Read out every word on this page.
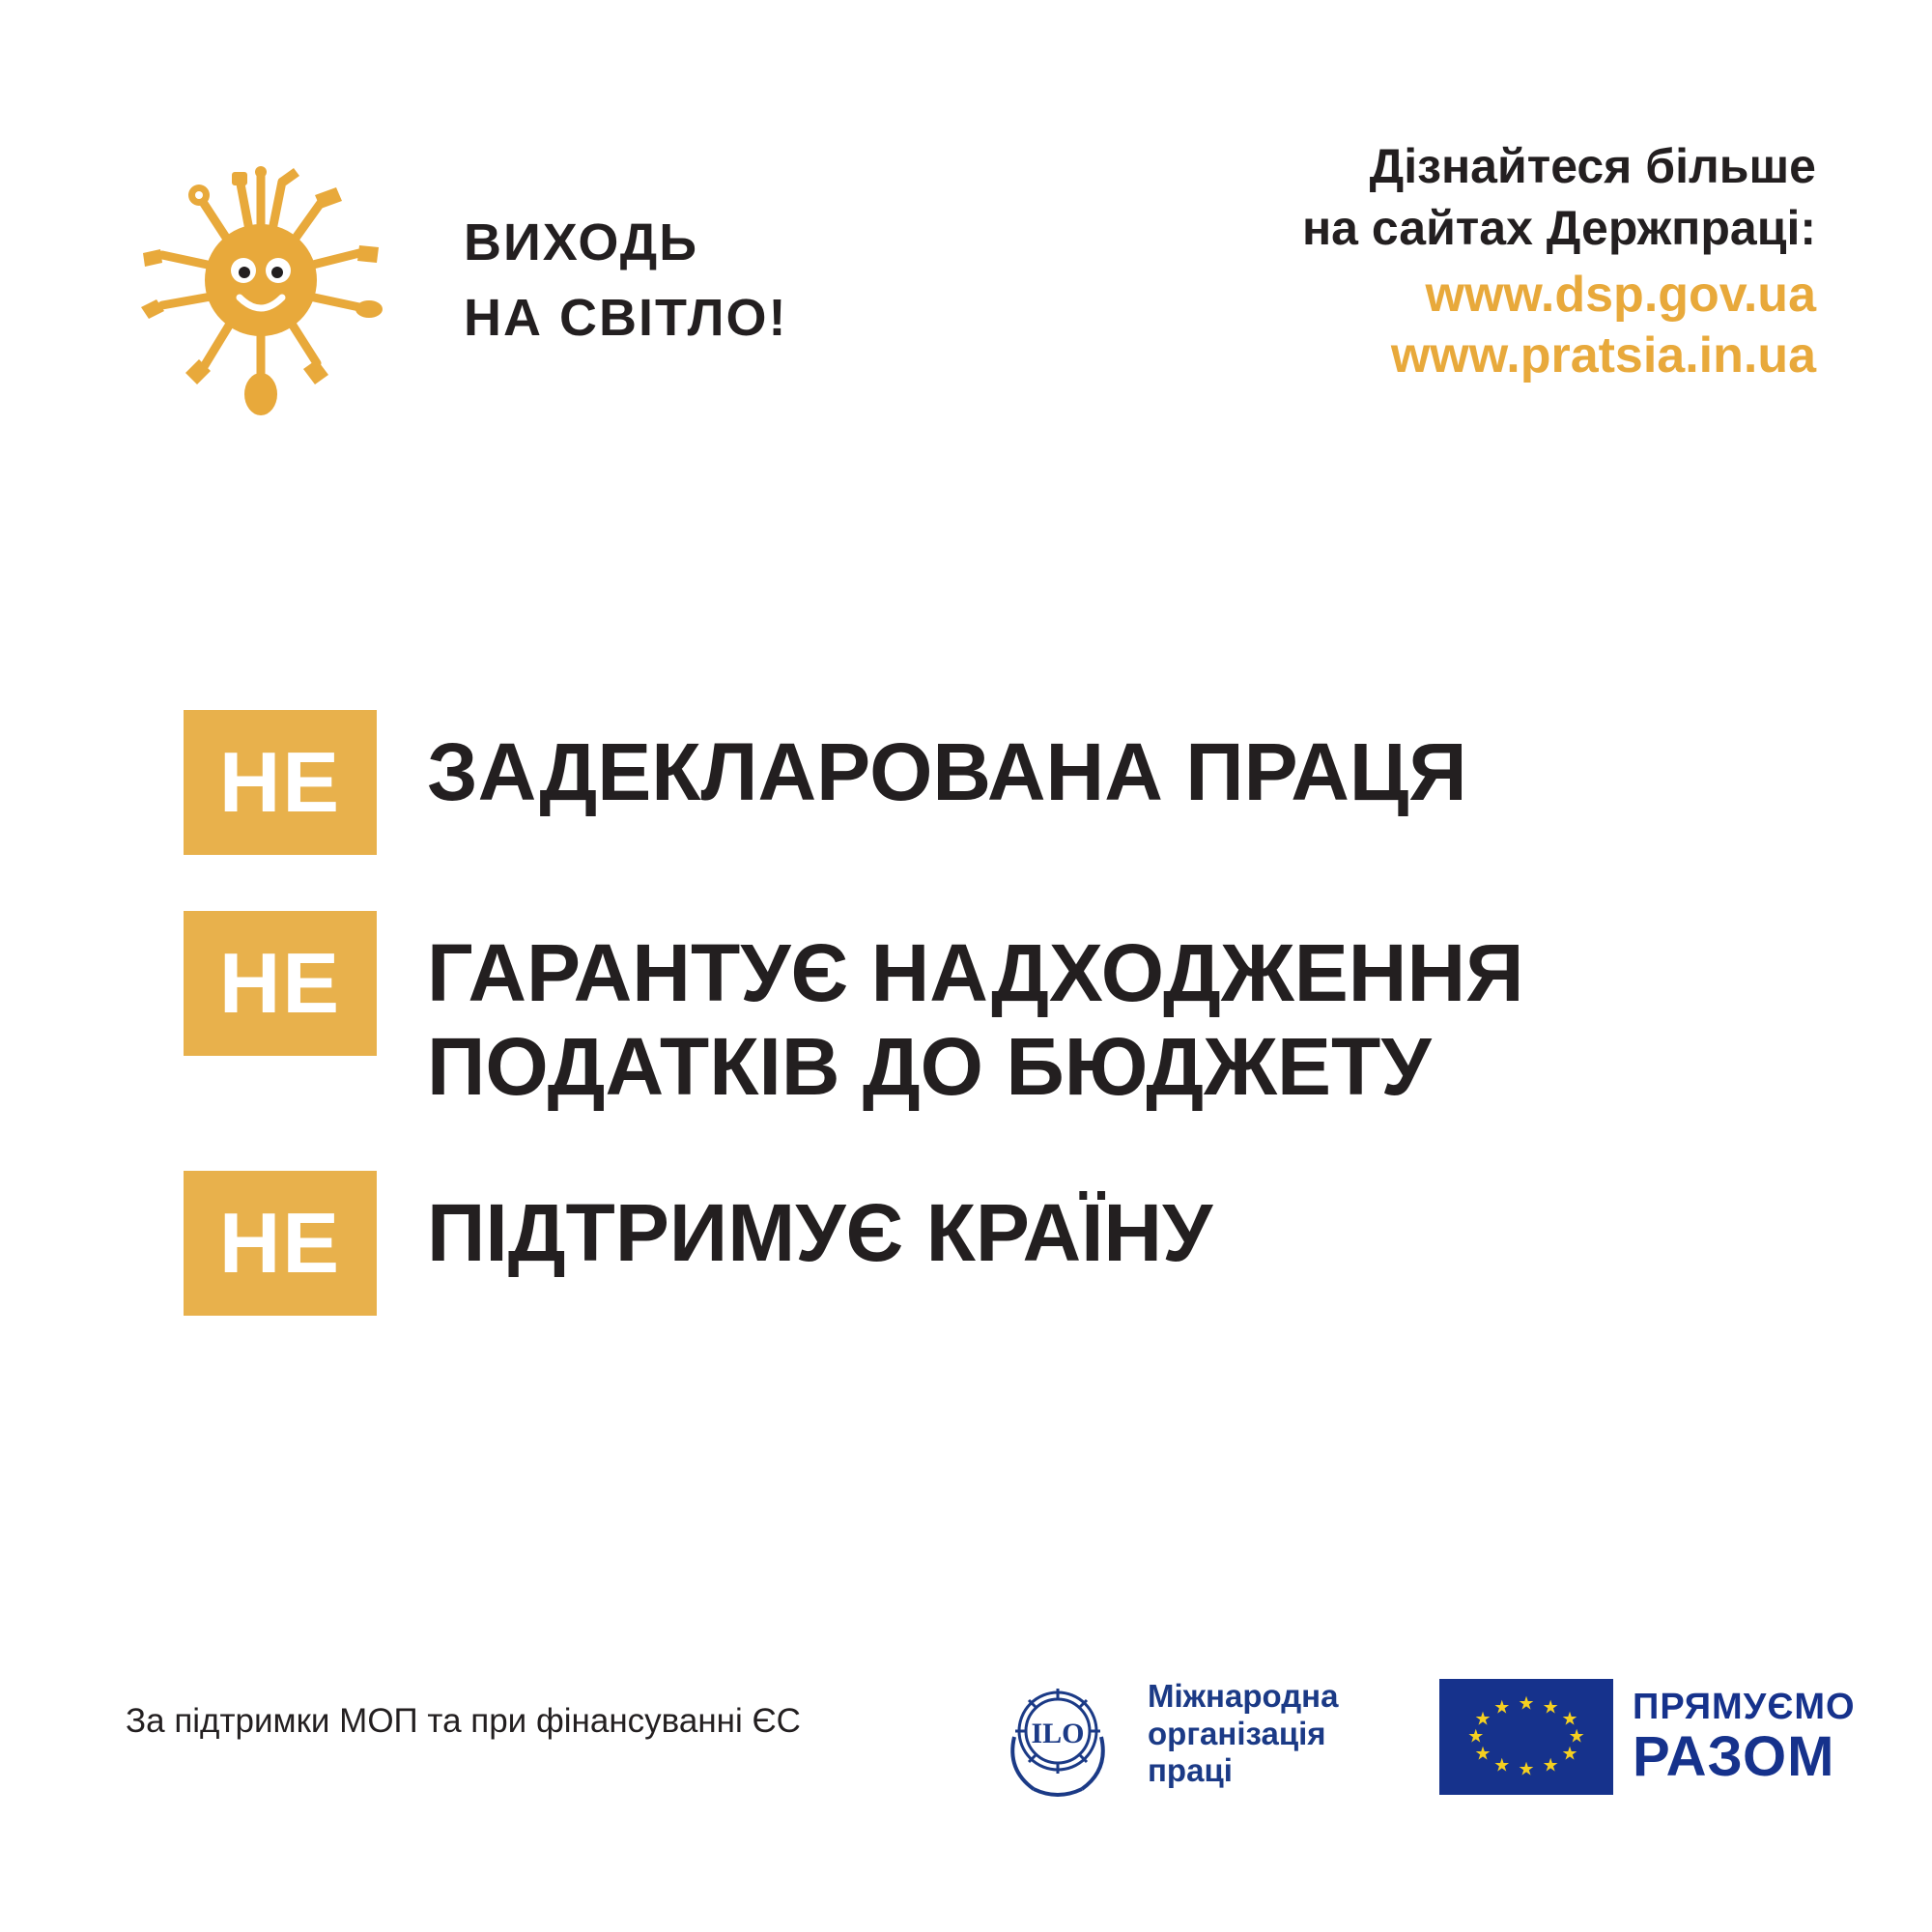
ВИХОДЬ
НА СВІТЛО!
Дізнайтеся більше
на сайтах Держпраці:
www.dsp.gov.ua
www.pratsia.in.ua
НЕ	ЗАДЕКЛАРОВАНА ПРАЦЯ
НЕ	ГАРАНТУЄ НАДХОДЖЕННЯ
ПОДАТКІВ ДО БЮДЖЕТУ
НЕ	ПІДТРИМУЄ КРАЇНУ
За підтримки МОП та при фінансуванні ЄС	ILO
Міжнародна
організація
праці
★ ★
★
★
★
★
★
★
★
★
★
★	ПРЯМУЄМО
РАЗОМ
